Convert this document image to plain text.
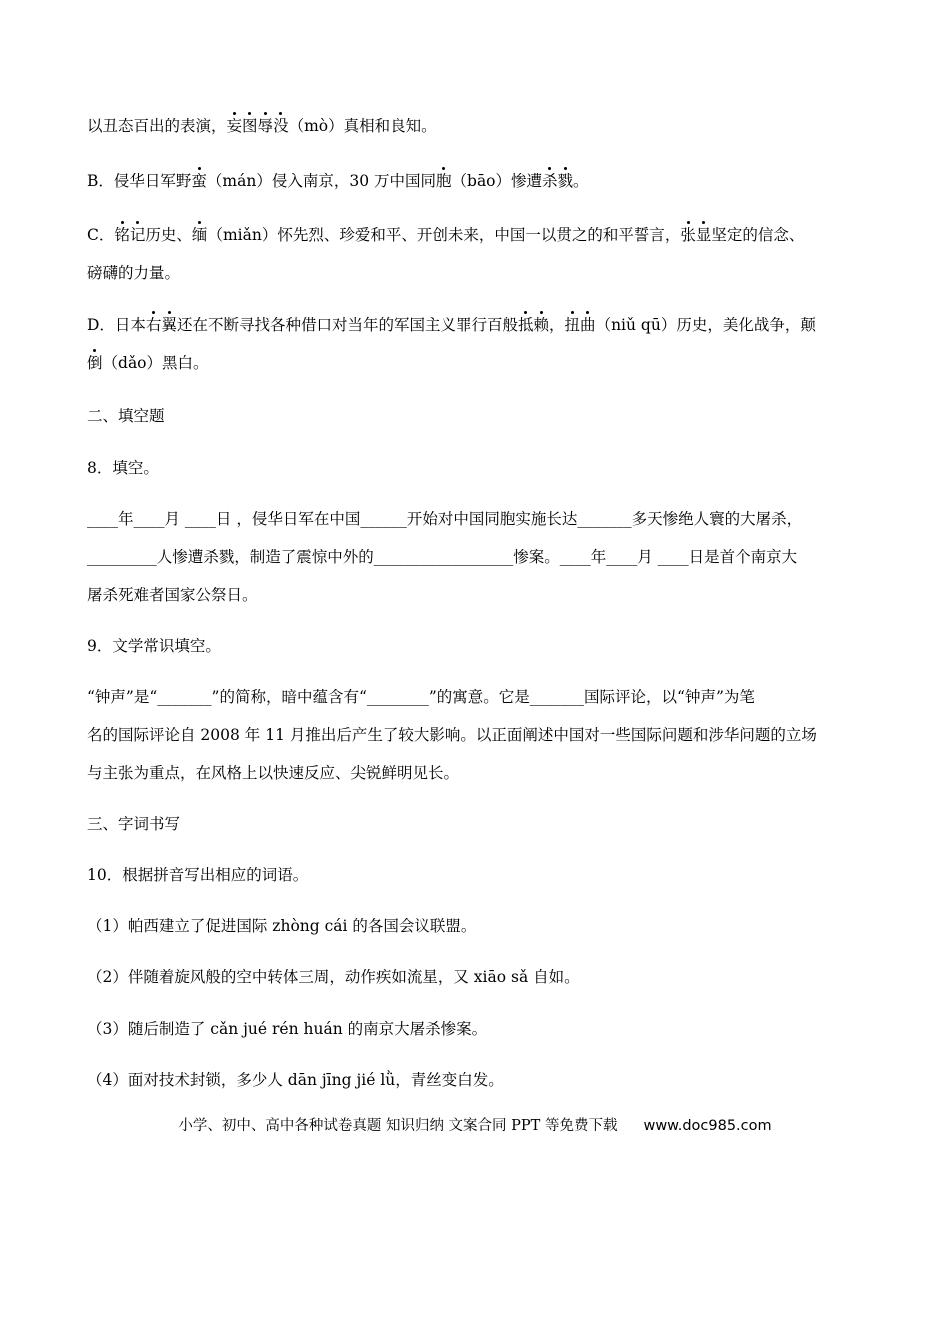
以丑态百出的表演，妄图辱没（mò）真相和良知。
B．侵华日军野蛮（mán）侵入南京，30 万中国同胞（bāo）惨遭杀戮。
C．铭记历史、缅（miǎn）怀先烈、珍爱和平、开创未来，中国一以贯之的和平誓言，张显坚定的信念、
磅礴的力量。
D．日本右翼还在不断寻找各种借口对当年的军国主义罪行百般抵赖，扭曲（niǔ qū）历史，美化战争，颠
倒（dǎo）黑白。
二、填空题
8．填空。
____年____月 ____日 ，侵华日军在中国______开始对中国同胞实施长达_______多天惨绝人寰的大屠杀，
_________人惨遭杀戮，制造了震惊中外的__________________惨案。____年____月 ____日是首个南京大
屠杀死难者国家公祭日。
9．文学常识填空。
“钟声”是“_______”的简称，暗中蕴含有“________”的寓意。它是_______国际评论，以“钟声”为笔
名的国际评论自 2008 年 11 月推出后产生了较大影响。以正面阐述中国对一些国际问题和涉华问题的立场
与主张为重点，在风格上以快速反应、尖锐鲜明见长。
三、字词书写
10．根据拼音写出相应的词语。
（1）帕西建立了促进国际 zhòng cái 的各国会议联盟。
（2）伴随着旋风般的空中转体三周，动作疾如流星，又 xiāo sǎ 自如。
（3）随后制造了 cǎn jué rén huán 的南京大屠杀惨案。
（4）面对技术封锁，多少人 dān jīng jié lǜ，青丝变白发。
小学、初中、高中各种试卷真题 知识归纳 文案合同 PPT 等免费下载 www.doc985.com
